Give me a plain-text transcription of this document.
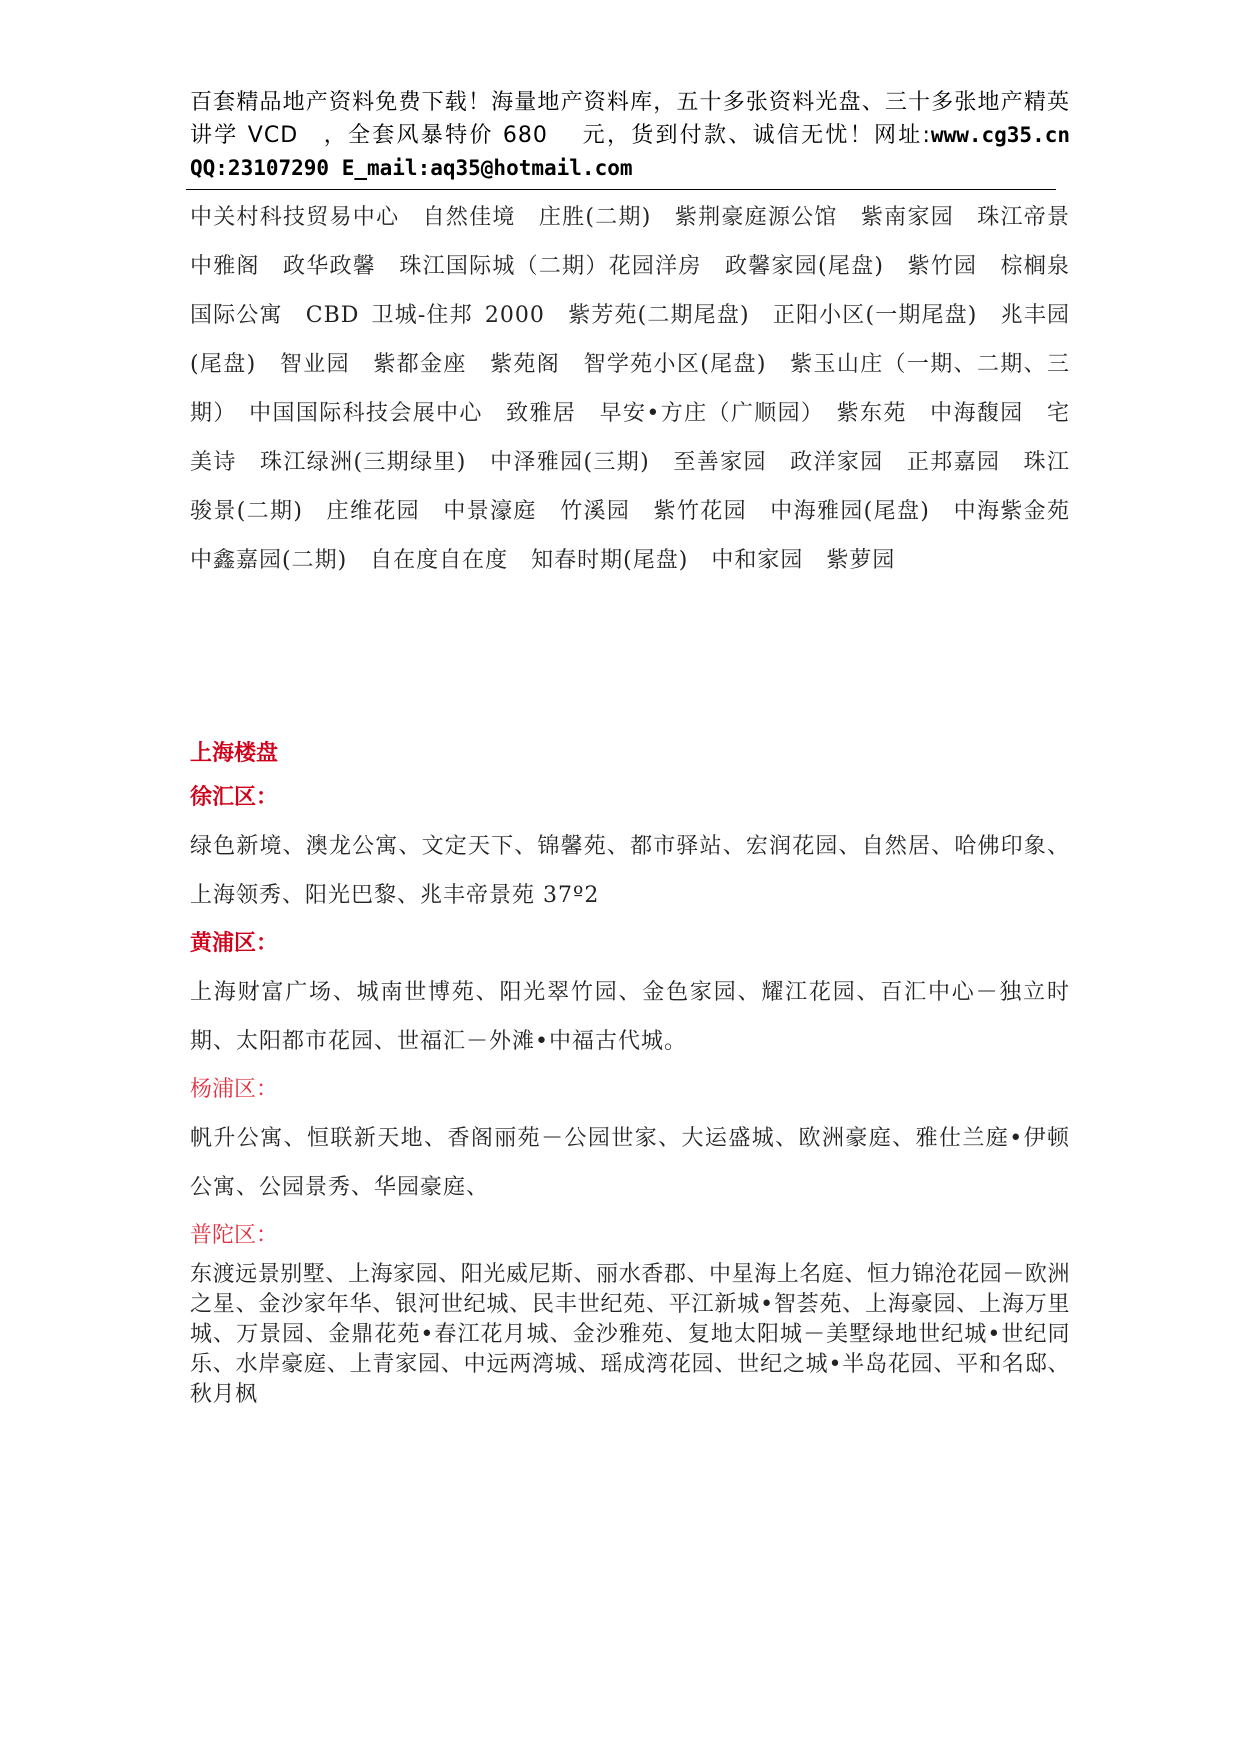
百套精品地产资料免费下载！海量地产资料库，五十多张资料光盘、三十多张地产精英讲学 VCD　，全套风暴特价 680　 元，货到付款、诚信无忧！网址:www.cg35.cn QQ:23107290 E_mail:aq35@hotmail.com
中关村科技贸易中心　自然佳境　庄胜(二期)　紫荆豪庭源公馆　紫南家园　珠江帝景　中雅阁　政华政馨　珠江国际城（二期）花园洋房　政馨家园(尾盘)　紫竹园　棕榈泉国际公寓　CBD 卫城-住邦 2000　紫芳苑(二期尾盘)　正阳小区(一期尾盘)　兆丰园(尾盘)　智业园　紫都金座　紫苑阁　智学苑小区(尾盘)　紫玉山庄（一期、二期、三期）　中国国际科技会展中心　致雅居　早安•方庄（广顺园）　紫东苑　中海馥园　宅美诗　珠江绿洲(三期绿里)　中泽雅园(三期)　至善家园　政洋家园　正邦嘉园　珠江骏景(二期)　庄维花园　中景濠庭　竹溪园　紫竹花园　中海雅园(尾盘)　中海紫金苑　中鑫嘉园(二期)　自在度自在度　知春时期(尾盘)　中和家园　紫萝园
上海楼盘
徐汇区：
绿色新境、澳龙公寓、文定天下、锦馨苑、都市驿站、宏润花园、自然居、哈佛印象、上海领秀、阳光巴黎、兆丰帝景苑 37º2
黄浦区：
上海财富广场、城南世博苑、阳光翠竹园、金色家园、耀江花园、百汇中心－独立时期、太阳都市花园、世福汇－外滩•中福古代城。
杨浦区：
帆升公寓、恒联新天地、香阁丽苑－公园世家、大运盛城、欧洲豪庭、雅仕兰庭•伊顿公寓、公园景秀、华园豪庭、
普陀区：
东渡远景别墅、上海家园、阳光威尼斯、丽水香郡、中星海上名庭、恒力锦沧花园－欧洲之星、金沙家年华、银河世纪城、民丰世纪苑、平江新城•智荟苑、上海豪园、上海万里城、万景园、金鼎花苑•春江花月城、金沙雅苑、复地太阳城－美墅绿地世纪城•世纪同乐、水岸豪庭、上青家园、中远两湾城、瑶成湾花园、世纪之城•半岛花园、平和名邸、秋月枫
